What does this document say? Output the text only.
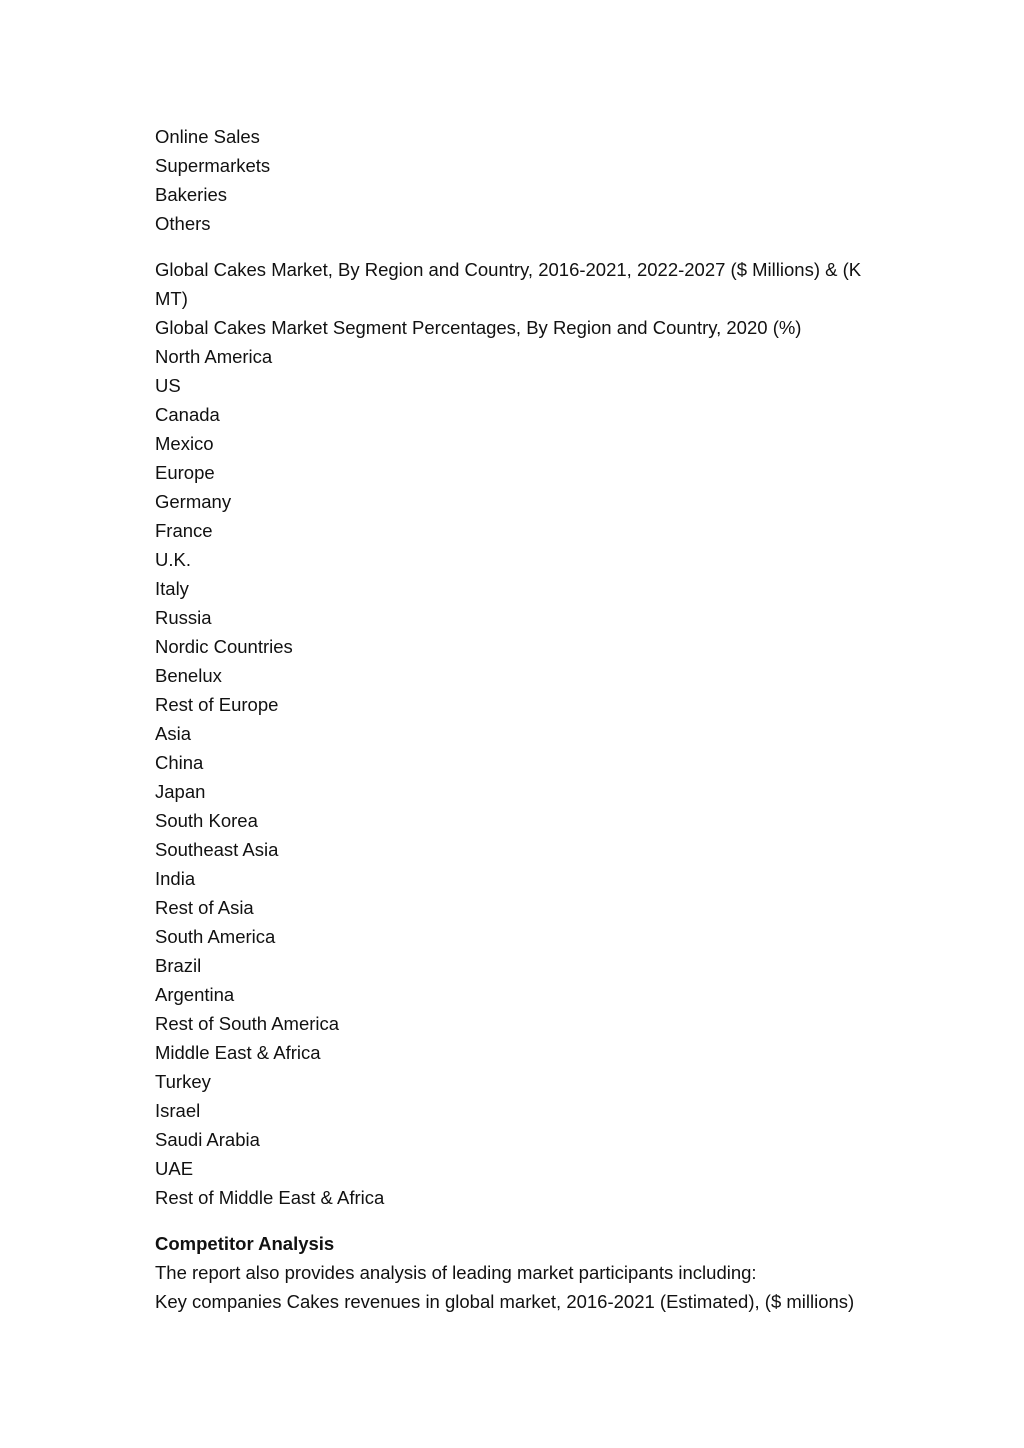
Online Sales
Supermarkets
Bakeries
Others
Global Cakes Market, By Region and Country, 2016-2021, 2022-2027 ($ Millions) & (K MT)
Global Cakes Market Segment Percentages, By Region and Country, 2020 (%)
North America
US
Canada
Mexico
Europe
Germany
France
U.K.
Italy
Russia
Nordic Countries
Benelux
Rest of Europe
Asia
China
Japan
South Korea
Southeast Asia
India
Rest of Asia
South America
Brazil
Argentina
Rest of South America
Middle East & Africa
Turkey
Israel
Saudi Arabia
UAE
Rest of Middle East & Africa
Competitor Analysis
The report also provides analysis of leading market participants including:
Key companies Cakes revenues in global market, 2016-2021 (Estimated), ($ millions)
